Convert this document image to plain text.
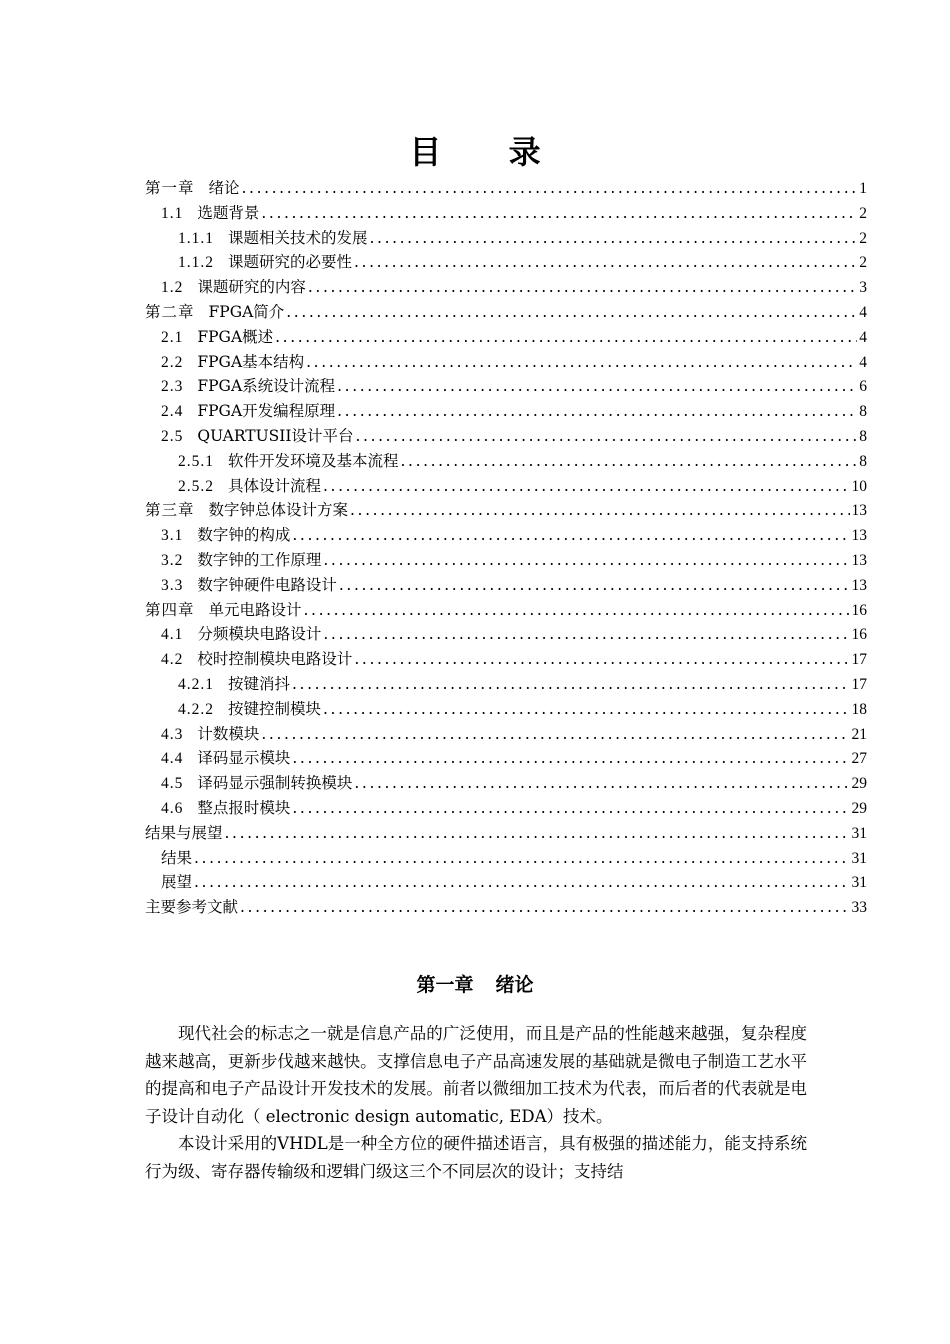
目 录
第一章 绪论 .....	1
1.1 选题背景 .....	2
1.1.1 课题相关技术的发展 .....	2
1.1.2 课题研究的必要性 .....	2
1.2 课题研究的内容 .....	3
第二章 FPGA简介 .....	4
2.1 FPGA概述 .....	4
2.2 FPGA基本结构 .....	4
2.3 FPGA系统设计流程 .....	6
2.4 FPGA开发编程原理 .....	8
2.5 QUARTUSII设计平台 .....	8
2.5.1 软件开发环境及基本流程 .....	8
2.5.2 具体设计流程 .....	10
第三章 数字钟总体设计方案 .....	13
3.1 数字钟的构成 .....	13
3.2 数字钟的工作原理 .....	13
3.3 数字钟硬件电路设计 .....	13
第四章 单元电路设计 .....	16
4.1 分频模块电路设计 .....	16
4.2 校时控制模块电路设计 .....	17
4.2.1 按键消抖 .....	17
4.2.2 按键控制模块 .....	18
4.3 计数模块 .....	21
4.4 译码显示模块 .....	27
4.5 译码显示强制转换模块 .....	29
4.6 整点报时模块 .....	29
结果与展望 .....	31
结果 .....	31
展望 .....	31
主要参考文献 .....	33
第一章 绪论

现代社会的标志之一就是信息产品的广泛使用，而且是产品的性能越来越强，复杂程度越来越高，更新步伐越来越快。支撑信息电子产品高速发展的基础就是微电子制造工艺水平的提高和电子产品设计开发技术的发展。前者以微细加工技术为代表，而后者的代表就是电子设计自动化（ electronic design automatic, EDA）技术。

本设计采用的VHDL是一种全方位的硬件描述语言，具有极强的描述能力，能支持系统行为级、寄存器传输级和逻辑门级这三个不同层次的设计；支持结
